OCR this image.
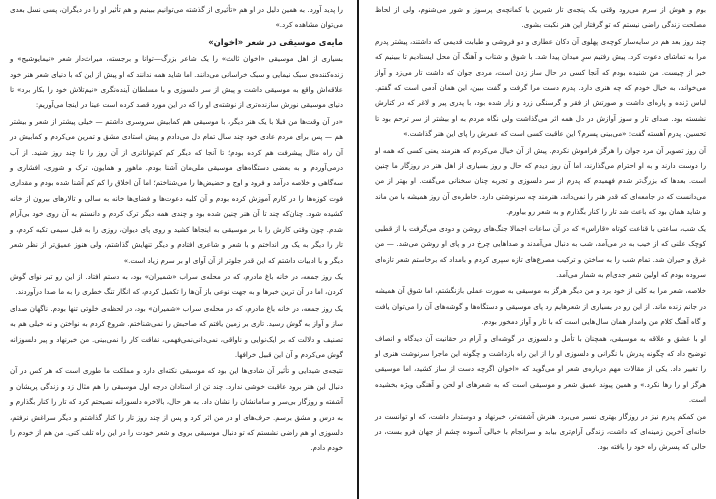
را پدید آورد. به همین دلیل در او هم «تأثیری از گذشته می‌توانیم ببینیم و هم تأثیر او را در دیگران، پسی نسل بعدی می‌توان مشاهده کرد.»

مایه‌ی موسیقی در شعر «اخوان»

بسیاری از اهل موسیقی «اخوان ثالث» را یک شاعر بزرگ—توانا و برجسته، میراث‌دار شعر «نیمایوشیج» و زنده‌کننده‌ی سبک نیمایی و سبک خراسانی می‌دانند. اما شاید همه ندانند که او پیش از این که با دنیای شعر هنر خود علاقه‌اش واقع به موسیقی داشت و پیش از سر دلسوزی و با مسلطان آینده‌نگری «نیم‌تلاش خود را بکار برد» تا دنیای موسیقی نورش سازنده‌تری از نوشته‌ی او را که در این مورد قصد کرده است عینا در اینجا می‌آوریم:

«در آن وقت‌ها من قبلا با یک هنر دیگر، با موسیقی هم کمابیش سروسری داشتم — خیلی پیشتر از شعر و بیشتر هم — پس برای مردم عادی خود چند سال تمام دل می‌دادم و پیش استادی مشق و تمرین می‌کردم و کمابیش در آن راه مثال پیشرفت هم کرده بودم؛ تا آنجا که دیگر کم کم‌تواناتری از آن روز را تا چند روز شنید. از آب درمی‌آوردم و به بعضی دستگاه‌های موسیقی ملی‌مان آشنا بودم. ماهور و همایون، ترک و شوری، افشاری و سه‌گاهی و خلاصه درآمد و فرود و اوج و حضیض‌ها را می‌شناختم؛ اما آن اخلاق را کم کم آشنا شده بودم و مقداری فوت کوزه‌ها را در کارم آموزش کرده بودم و آن کلیه دعوت‌ها و فضای‌ها خانه به سالی و تالارهای بیرون از خانه کشیده شود. چنان‌که چند تا آن هنر چنین شده بود و چندی همه دیگر ترک کردم و دانستم به آن روی خود بی‌آرام شدم. چون وقتی کارش را با بر موسیقی به اینجاها کشید و روی پای دیوان، روزی را به قبل سیمی تکیه کردم، و تار را دیگر به یک ور انداختم و با شعر و شاعری افتادم و دیگر تنهایش گذاشتم، ولی هنوز عمیق‌تر از نظر شعر دیگر و با ادبیات داشتم که این قدر جلوتر از آن آوای او بر سرم زیاد است.»

یک روز جمعه، در خانه باغ مادرم، که در محله‌ی سراب «شمیران» بود، به دستم افتاد. از این رو تبر نوای گوش کردن، اما در آن ترین خبرها و به جهت نوعی باز آن‌ها را تکمیل کردم، که انگار تنگ خطری را به ما صدا درآوردند.

یک روز جمعه، در خانه باغ مادرم، که در محله‌ی سراب «شمیران» بود، در لحظه‌ی خلوتی تنها بودم. ناگهان صدای ساز و آواز به گوش رسید. تاری بر زمین یافتم که صاحبش را نمی‌شناختم. شروع کردم به نواختن و نه خیلی هم به تصنیف و دلالت که بر ایک‌نوایی و ناواقی، نمی‌دانی‌نمی‌فهمی، نفاقت کار را نمی‌بینی. من خبرنهاد و پیر دلسوزانه گوش می‌کردم و آن این قبیل خرافها.

نتیجه‌ی شیدایی و تأثیر آن شادی‌ها این بود که موسیقی نکته‌ای دارد و مملکت ما طوری است که هر کس در آن دنبال این هنر برود عاقبت خوشی ندارد. چند تن از استادان درجه اول موسیقی را هم مثال زد و زندگی پریشان و آشفته و روزگار بی‌سر و سامانشان را نشان داد. به هر حال، بالاخره دلسوزانه نصیحتم کرد که تار را کنار بگذارم و به درس و مشق برسم. حرف‌های او در من اثر کرد و پس از چند روز تار را کنار گذاشتم و دیگر سراغش نرفتم، دلسوزی او هم راضی نشستم که تو دنبال موسیقی بروی و شعر خودت را در این راه تلف کنی. من هم از خودم را خودم دادم.

بوم و هوش از سرم می‌رود وقتی یک پنجه‌ی تار شیرین یا کمانچه‌ی پرسوز و شور می‌شنوم، ولی از لحاظ مصلحت زندگی راضی نیستم که تو گرفتار این هنر نکبت بشوی.

چند روز بعد هم در سایه‌سار کوچه‌ی پهلوی آن دکان عطاری و دو فروشی و طبابت قدیمی که داشتند، پیشتر پدرم مرا به تماشای دعوت کرد. پیش رفتیم سرِ میدان پیدا شد. با شوق و شتاب و آهنگ آن محل ایستادیم تا ببینیم که خبر از چیست. من شنیده بودم که آنجا کسی در حال ساز زدن است، مردی جوان که داشت تار می‌زد و آواز می‌خواند، به خیال خودم که چه هنری دارد. پدرم دست مرا گرفت و گفت ببین، این همان آدمی است که گفتم. لباس ژنده و پاره‌ای داشت و صورتش از فقر و گرسنگی زرد و زار شده بود، با پدری پیر و لاغر که در کنارش نشسته بود. صدای تار و سوز آوازش در دل همه اثر می‌گذاشت ولی نگاه مردم به او بیشتر از سر ترحم بود تا تحسین. پدرم آهسته گفت: «می‌بینی پسرم؟ این عاقبت کسی است که عمرش را پای این هنر گذاشت.»

آن روز تصویر آن مرد جوان را هرگز فراموش نکردم. پیش از آن خیال می‌کردم که هنرمند یعنی کسی که همه او را دوست دارند و به او احترام می‌گذارند، اما آن روز دیدم که حال و روز بسیاری از اهل هنر در روزگار ما چنین است. بعدها که بزرگ‌تر شدم فهمیدم که پدرم از سر دلسوزی و تجربه چنان سخنانی می‌گفت. او بهتر از من می‌دانست که در جامعه‌ای که قدر هنر را نمی‌داند، هنرمند چه سرنوشتی دارد. خاطره‌ی آن روز همیشه با من ماند و شاید همان بود که باعث شد تار را کنار بگذارم و به شعر رو بیاورم.

یک شب، ساعتی با قناعت کوتاه «قاراس» که در آن ساعات اجمالا جنگ‌های روشن و دودی می‌گرفت با از قطبی کوچک علنی که از خیب به در می‌آمد، شب به دنبال می‌آمدند و صداهایی چرخ در و پای او روشن می‌شد. — من غرق و حیران شد. تمام شب را به ساختن و ترکیب مصرع‌های تازه سپری کردم و بامداد که برخاستم شعر تازه‌ای سروده بودم که اولین شعر جدی‌ام به شمار می‌آمد.

خلاصه، شعر مرا به کلی از خود برد و من دیگر هرگز به موسیقی به صورت عملی بازنگشتم، اما شوق آن همیشه در جانم زنده ماند. از این رو در بسیاری از شعرهایم رد پای موسیقی و دستگاه‌ها و گوشه‌های آن را می‌توان یافت و گاه آهنگ کلام من وامدار همان سال‌هایی است که با تار و آواز دمخور بودم.

او با عشق و علاقه به موسیقی، همچنان با تأمل و دلسوزی در گوشه‌ای و آرام در حقانیت آن دیدگاه و انصاف توضیح داد که چگونه پدرش با نگرانی و دلسوزی او را از این راه بازداشت و چگونه این ماجرا سرنوشت هنری او را تغییر داد. یکی از مقالات مهم درباره‌ی شعر او می‌گوید که «اخوان اگرچه دست از ساز کشید، اما موسیقی هرگز او را رها نکرد.» و همین پیوند عمیق شعر و موسیقی است که به شعرهای او لحن و آهنگی ویژه بخشیده است.

من کمکم پدرم نیز در روزگار بهتری نسبر می‌برد. هنرش آشفته‌تر، خبرنهاد و دوستدار داشت، که او توانست در خانه‌ای آخرین زمینه‌ای که داشت، زندگی آرام‌تری بیابد و سرانجام با خیالی آسوده چشم از جهان فرو بست، در حالی که پسرش راه خود را یافته بود.
